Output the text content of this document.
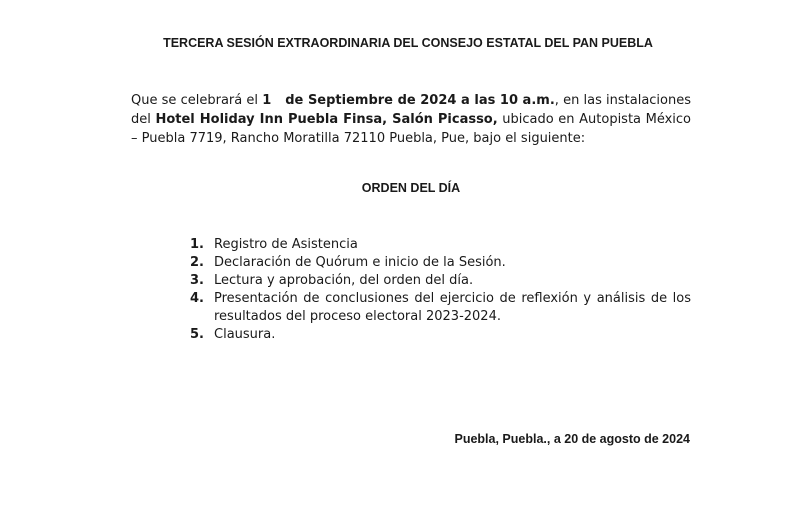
TERCERA SESIÓN EXTRAORDINARIA DEL CONSEJO ESTATAL DEL PAN PUEBLA

Que se celebrará el 1 de Septiembre de 2024 a las 10 a.m., en las instalaciones del Hotel Holiday Inn Puebla Finsa, Salón Picasso, ubicado en Autopista México – Puebla 7719, Rancho Moratilla 72110 Puebla, Pue, bajo el siguiente:

ORDEN DEL DÍA
1. Registro de Asistencia
2. Declaración de Quórum e inicio de la Sesión.
3. Lectura y aprobación, del orden del día.
4. Presentación de conclusiones del ejercicio de reflexión y análisis de los resultados del proceso electoral 2023-2024.
5. Clausura.

Puebla, Puebla., a 20 de agosto de 2024
